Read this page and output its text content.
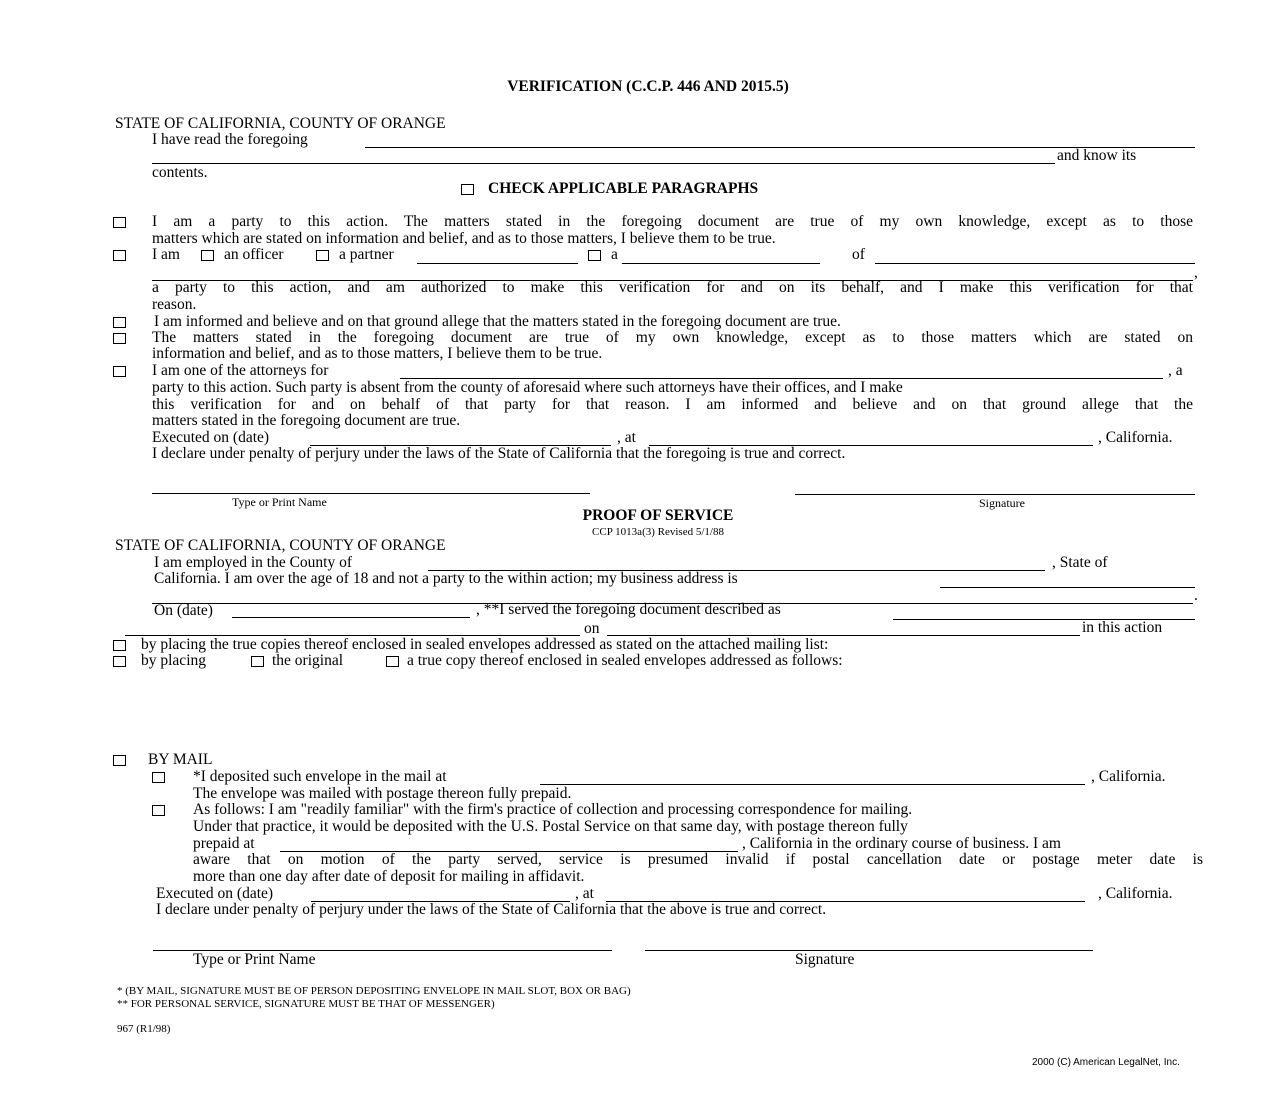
VERIFICATION (C.C.P. 446 AND 2015.5)
STATE OF CALIFORNIA, COUNTY OF ORANGE
I have read the foregoing
and know its
contents.
CHECK APPLICABLE PARAGRAPHS
I am a party to this action. The matters stated in the foregoing document are true of my own knowledge, except as to those
matters which are stated on information and belief, and as to those matters, I believe them to be true.
I am	an officer	a partner	a	of
,
a party to this action, and am authorized to make this verification for and on its behalf, and I make this verification for that
reason.
I am informed and believe and on that ground allege that the matters stated in the foregoing document are true.
The matters stated in the foregoing document are true of my own knowledge, except as to those matters which are stated on
information and belief, and as to those matters, I believe them to be true.
I am one of the attorneys for	, a
party to this action. Such party is absent from the county of aforesaid where such attorneys have their offices, and I make
this verification for and on behalf of that party for that reason. I am informed and believe and on that ground allege that the
matters stated in the foregoing document are true.
Executed on (date)	, at	, California.
I declare under penalty of perjury under the laws of the State of California that the foregoing is true and correct.
Type or Print Name	Signature
PROOF OF SERVICE
CCP 1013a(3) Revised 5/1/88
STATE OF CALIFORNIA, COUNTY OF ORANGE
I am employed in the County of	, State of
California. I am over the age of 18 and not a party to the within action; my business address is
.
On (date)	, **I served the foregoing document described as
on	in this action
by placing the true copies thereof enclosed in sealed envelopes addressed as stated on the attached mailing list:
by placing	the original	a true copy thereof enclosed in sealed envelopes addressed as follows:
BY MAIL
*I deposited such envelope in the mail at	, California.
The envelope was mailed with postage thereon fully prepaid.
As follows: I am "readily familiar" with the firm's practice of collection and processing correspondence for mailing.
Under that practice, it would be deposited with the U.S. Postal Service on that same day, with postage thereon fully
prepaid at	, California in the ordinary course of business. I am
aware that on motion of the party served, service is presumed invalid if postal cancellation date or postage meter date is
more than one day after date of deposit for mailing in affidavit.
Executed on (date)	, at	, California.
I declare under penalty of perjury under the laws of the State of California that the above is true and correct.
Type or Print Name	Signature
* (BY MAIL, SIGNATURE MUST BE OF PERSON DEPOSITING ENVELOPE IN MAIL SLOT, BOX OR BAG)
** FOR PERSONAL SERVICE, SIGNATURE MUST BE THAT OF MESSENGER)
967 (R1/98)
2000 (C) American LegalNet, Inc.
